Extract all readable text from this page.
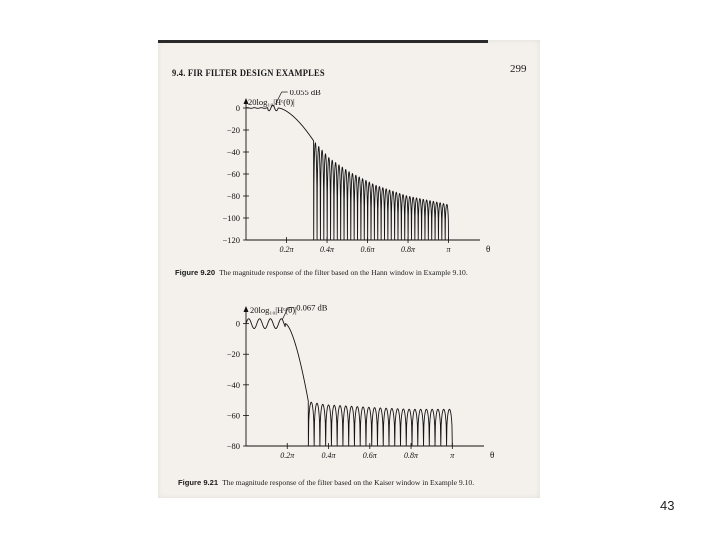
9.4. FIR FILTER DESIGN EXAMPLES	299
0
−20
−40
−60
−80
−100
−120
0.2π	0.4π	0.6π	0.8π	π	θ
20log₁₀|Hᶜ(θ)|
0.055 dB
Figure 9.20 The magnitude response of the filter based on the Hann window in Example 9.10.
0
−20
−40
−60
−80
0.2π	0.4π	0.6π	0.8π	π	θ
20log₁₀|Hᶜ(θ)| 0.067 dB
Figure 9.21 The magnitude response of the filter based on the Kaiser window in Example 9.10.
43
